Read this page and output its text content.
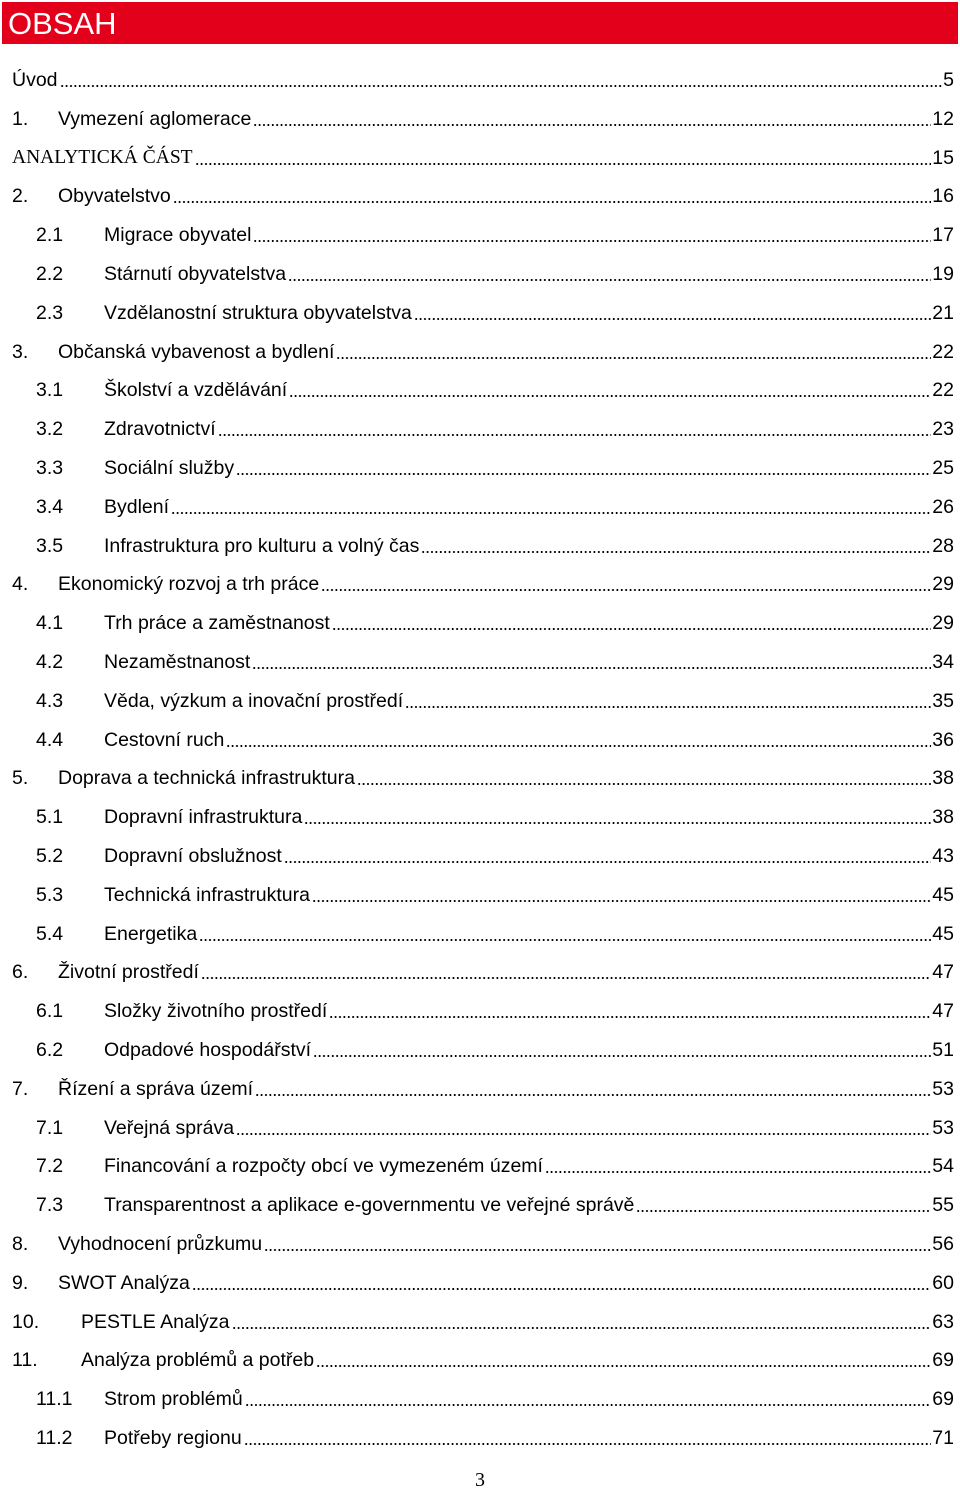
OBSAH
Úvod	5
1. Vymezení aglomerace	12
ANALYTICKÁ ČÁST	15
2. Obyvatelstvo	16
2.1 Migrace obyvatel	17
2.2 Stárnutí obyvatelstva	19
2.3 Vzdělanostní struktura obyvatelstva	21
3. Občanská vybavenost a bydlení	22
3.1 Školství a vzdělávání	22
3.2 Zdravotnictví	23
3.3 Sociální služby	25
3.4 Bydlení	26
3.5 Infrastruktura pro kulturu a volný čas	28
4. Ekonomický rozvoj a trh práce	29
4.1 Trh práce a zaměstnanost	29
4.2 Nezaměstnanost	34
4.3 Věda, výzkum a inovační prostředí	35
4.4 Cestovní ruch	36
5. Doprava a technická infrastruktura	38
5.1 Dopravní infrastruktura	38
5.2 Dopravní obslužnost	43
5.3 Technická infrastruktura	45
5.4 Energetika	45
6. Životní prostředí	47
6.1 Složky životního prostředí	47
6.2 Odpadové hospodářství	51
7. Řízení a správa území	53
7.1 Veřejná správa	53
7.2 Financování a rozpočty obcí ve vymezeném území	54
7.3 Transparentnost a aplikace e-governmentu ve veřejné správě	55
8. Vyhodnocení průzkumu	56
9. SWOT Analýza	60
10. PESTLE Analýza	63
11. Analýza problémů a potřeb	69
11.1 Strom problémů	69
11.2 Potřeby regionu	71
3
